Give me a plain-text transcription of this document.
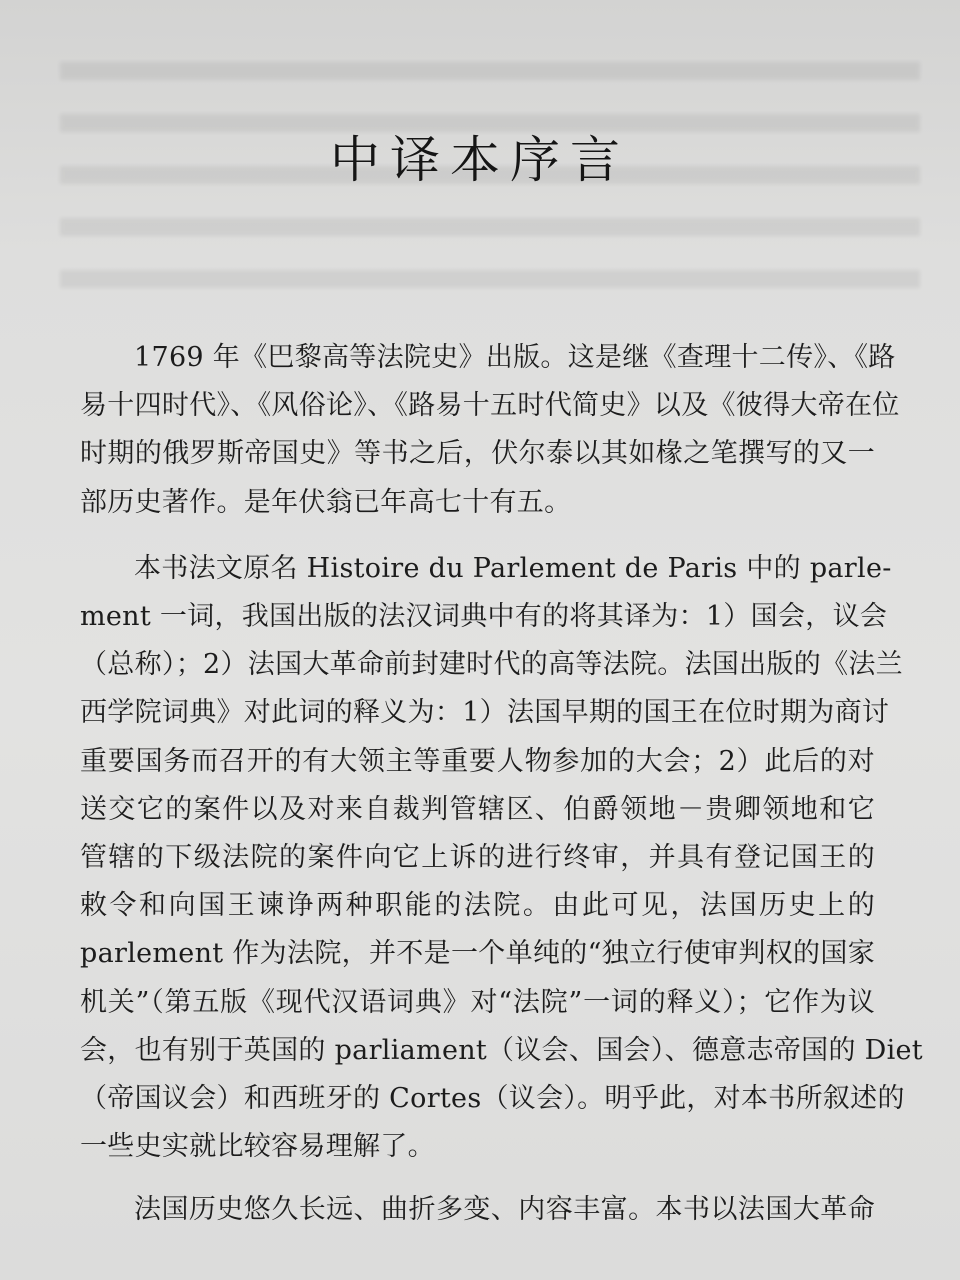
中译本序言
1769 年《巴黎高等法院史》出版。这是继《查理十二传》、《路
易十四时代》、《风俗论》、《路易十五时代简史》以及《彼得大帝在位
时期的俄罗斯帝国史》等书之后，伏尔泰以其如椽之笔撰写的又一
部历史著作。是年伏翁已年高七十有五。
本书法文原名 Histoire du Parlement de Paris 中的 parle-
ment 一词，我国出版的法汉词典中有的将其译为：1）国会，议会
（总称）；2）法国大革命前封建时代的高等法院。法国出版的《法兰
西学院词典》对此词的释义为：1）法国早期的国王在位时期为商讨
重要国务而召开的有大领主等重要人物参加的大会；2）此后的对
送交它的案件以及对来自裁判管辖区、伯爵领地－贵卿领地和它
管辖的下级法院的案件向它上诉的进行终审，并具有登记国王的
敕令和向国王谏诤两种职能的法院。由此可见，法国历史上的
parlement 作为法院，并不是一个单纯的“独立行使审判权的国家
机关”（第五版《现代汉语词典》对“法院”一词的释义）；它作为议
会，也有别于英国的 parliament（议会、国会）、德意志帝国的 Diet
（帝国议会）和西班牙的 Cortes（议会）。明乎此，对本书所叙述的
一些史实就比较容易理解了。
法国历史悠久长远、曲折多变、内容丰富。本书以法国大革命
